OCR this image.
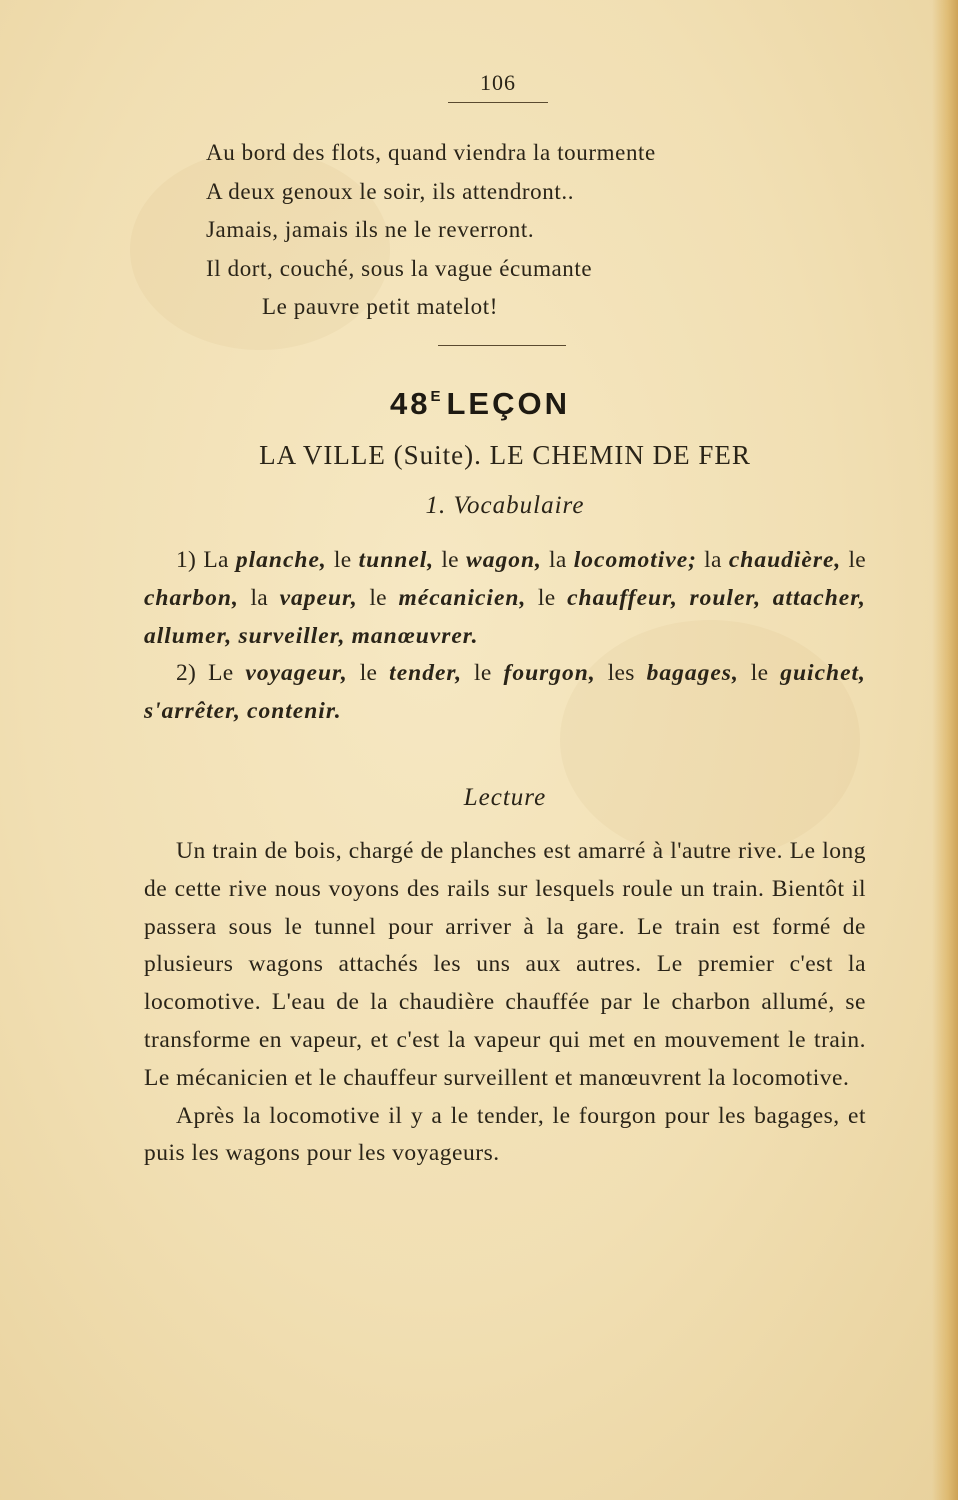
106
Au bord des flots, quand viendra la tourmente
A deux genoux le soir, ils attendront..
Jamais, jamais ils ne le reverront.
Il dort, couché, sous la vague écumante
Le pauvre petit matelot!
$48^E$ LEÇON
LA VILLE (Suite). LE CHEMIN DE FER
1. Vocabulaire

1) La planche, le tunnel, le wagon, la locomotive; la chaudière, le charbon, la vapeur, le mécanicien, le chauffeur, rouler, attacher, allumer, surveiller, manœuvrer.

2) Le voyageur, le tender, le fourgon, les bagages, le guichet, s'arrêter, contenir.

Lecture

Un train de bois, chargé de planches est amarré à l'autre rive. Le long de cette rive nous voyons des rails sur lesquels roule un train. Bientôt il passera sous le tunnel pour arriver à la gare. Le train est formé de plusieurs wagons attachés les uns aux autres. Le premier c'est la locomotive. L'eau de la chaudière chauffée par le charbon allumé, se transforme en vapeur, et c'est la vapeur qui met en mouvement le train. Le mécanicien et le chauffeur surveillent et manœuvrent la locomotive.

Après la locomotive il y a le tender, le fourgon pour les bagages, et puis les wagons pour les voyageurs.
